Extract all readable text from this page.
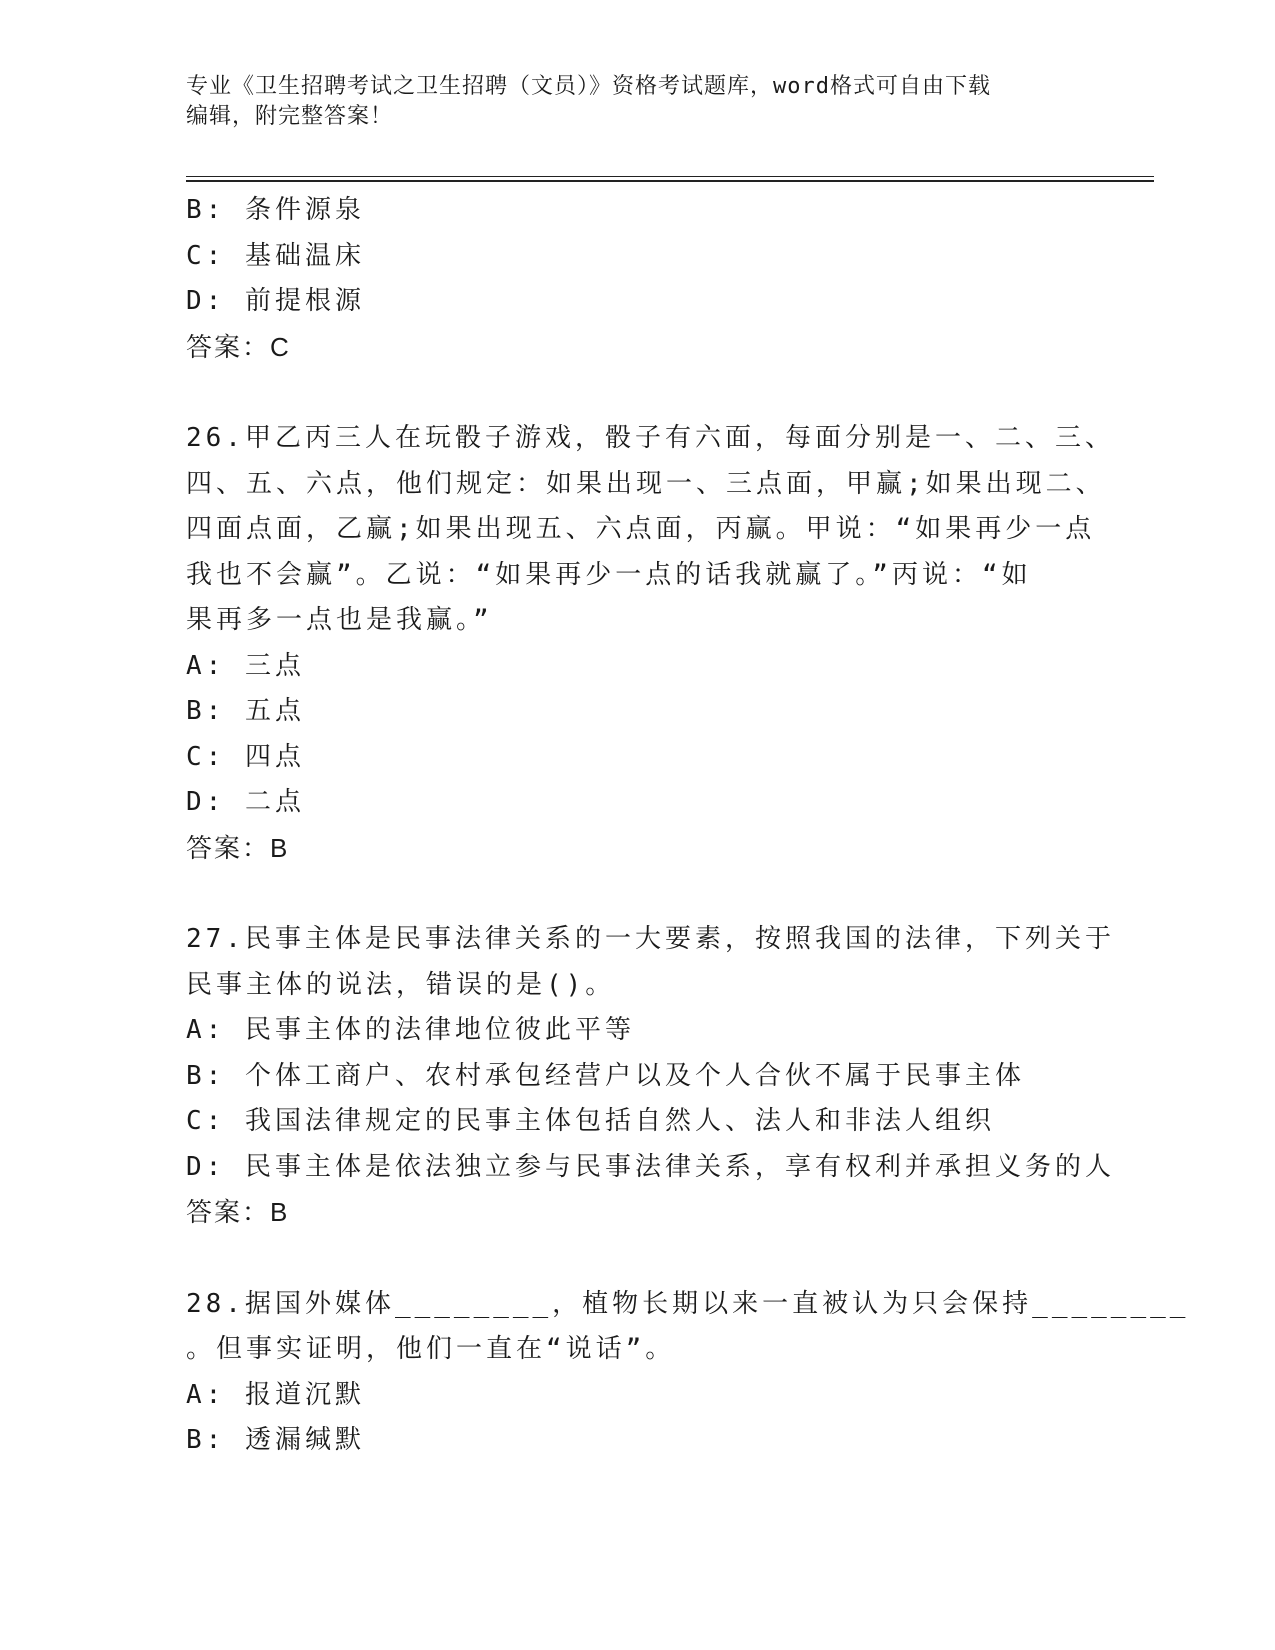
专业《卫生招聘考试之卫生招聘（文员）》资格考试题库，word格式可自由下载
编辑，附完整答案！
B: 条件源泉
C: 基础温床
D: 前提根源
答案：C
26.甲乙丙三人在玩骰子游戏，骰子有六面，每面分别是一、二、三、
四、五、六点，他们规定：如果出现一、三点面，甲赢;如果出现二、
四面点面，乙赢;如果出现五、六点面，丙赢。甲说：“如果再少一点
我也不会赢”。乙说：“如果再少一点的话我就赢了。”丙说：“如
果再多一点也是我赢。”
A: 三点
B: 五点
C: 四点
D: 二点
答案：B
27.民事主体是民事法律关系的一大要素，按照我国的法律，下列关于
民事主体的说法，错误的是()。
A: 民事主体的法律地位彼此平等
B: 个体工商户、农村承包经营户以及个人合伙不属于民事主体
C: 我国法律规定的民事主体包括自然人、法人和非法人组织
D: 民事主体是依法独立参与民事法律关系，享有权利并承担义务的人
答案：B
28.据国外媒体________，植物长期以来一直被认为只会保持________
。但事实证明，他们一直在“说话”。
A: 报道沉默
B: 透漏缄默
